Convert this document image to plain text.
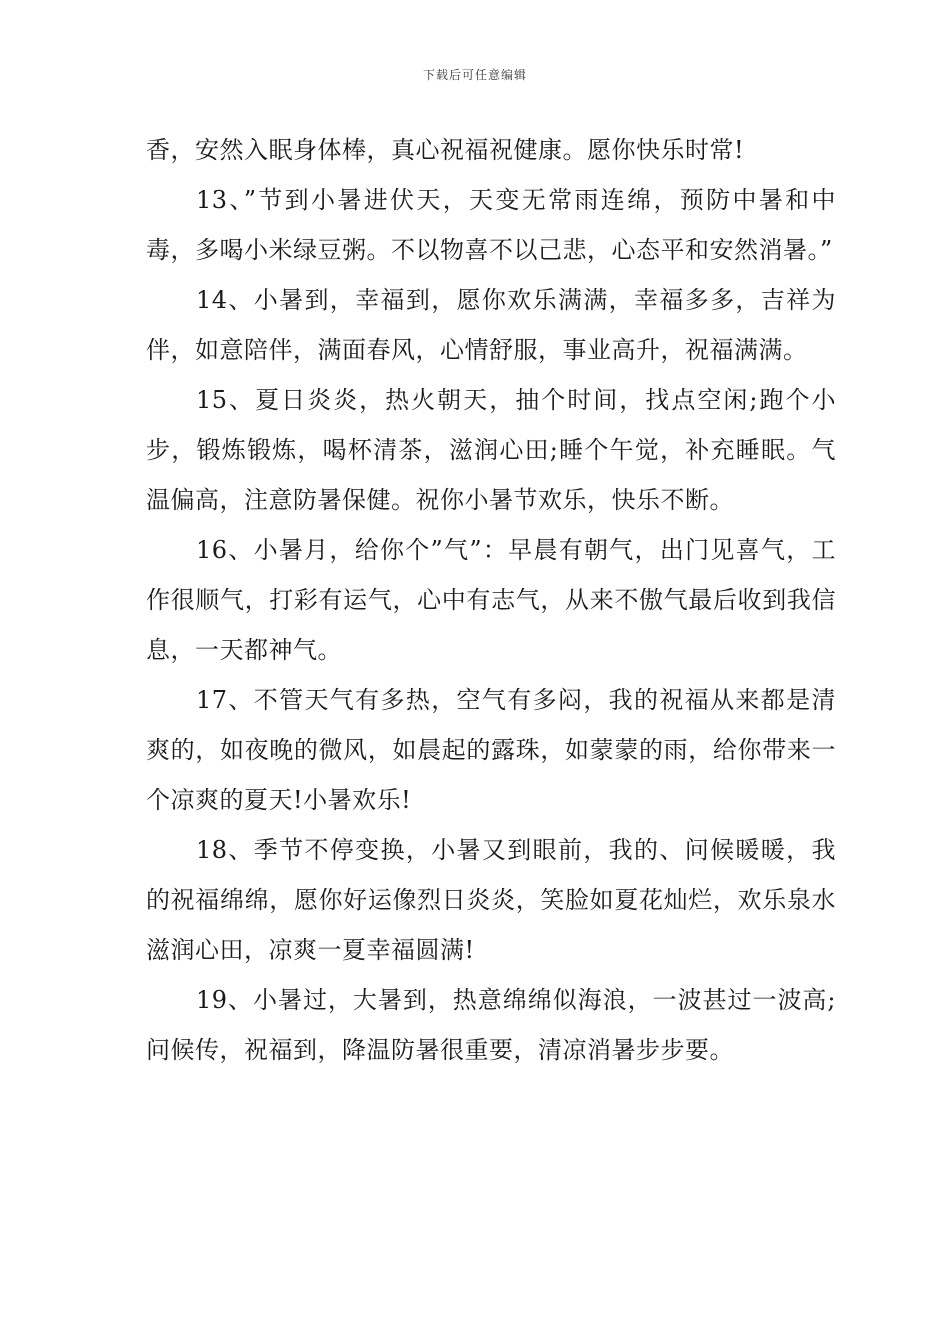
下载后可任意编辑

香，安然入眠身体棒，真心祝福祝健康。愿你快乐时常!

13、”节到小暑进伏天，天变无常雨连绵，预防中暑和中毒，多喝小米绿豆粥。不以物喜不以己悲，心态平和安然消暑。”

14、小暑到，幸福到，愿你欢乐满满，幸福多多，吉祥为伴，如意陪伴，满面春风，心情舒服，事业高升，祝福满满。

15、夏日炎炎，热火朝天，抽个时间，找点空闲;跑个小步，锻炼锻炼，喝杯清茶，滋润心田;睡个午觉，补充睡眠。气温偏高，注意防暑保健。祝你小暑节欢乐，快乐不断。

16、小暑月，给你个”气”：早晨有朝气，出门见喜气，工作很顺气，打彩有运气，心中有志气，从来不傲气最后收到我信息，一天都神气。

17、不管天气有多热，空气有多闷，我的祝福从来都是清爽的，如夜晚的微风，如晨起的露珠，如蒙蒙的雨，给你带来一个凉爽的夏天!小暑欢乐!

18、季节不停变换，小暑又到眼前，我的、问候暖暖，我的祝福绵绵，愿你好运像烈日炎炎，笑脸如夏花灿烂，欢乐泉水滋润心田，凉爽一夏幸福圆满!

19、小暑过，大暑到，热意绵绵似海浪，一波甚过一波高;问候传，祝福到，降温防暑很重要，清凉消暑步步要。
